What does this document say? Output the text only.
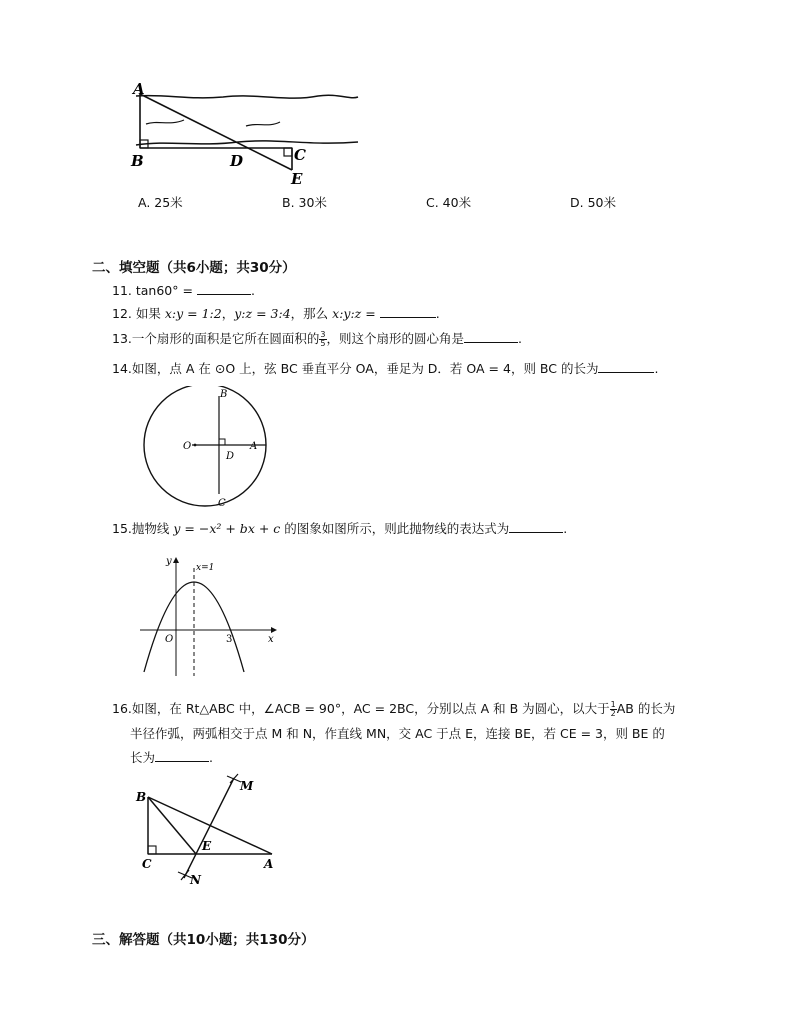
A
B	D	C
E
A. 25米	B. 30米	C. 40米	D. 50米
二、填空题（共6小题；共30分）
11. tan60° =	.
12. 如果 x:y = 1:2，y:z = 3:4，那么 x:y:z =	.
13.一个扇形的面积是它所在圆面积的 $\frac{3}{5}$ ，则这个扇形的圆心角是	.
14.如图，点 A 在 ⊙O 上，弦 BC 垂直平分 OA，垂足为 D．若 OA = 4，则 BC 的长为	.
B
O	A
D
C
15.抛物线 y = −x² + bx + c 的图象如图所示，则此抛物线的表达式为	.
y
x=1
O	3	x
16.如图，在 Rt△ABC 中，∠ACB = 90°，AC = 2BC，分别以点 A 和 B 为圆心，以大于 $\frac{1}{2}$ AB 的长为
半径作弧，两弧相交于点 M 和 N，作直线 MN，交 AC 于点 E，连接 BE，若 CE = 3，则 BE 的
长为	.
B
C
E
A
M
N
三、解答题（共10小题；共130分）
